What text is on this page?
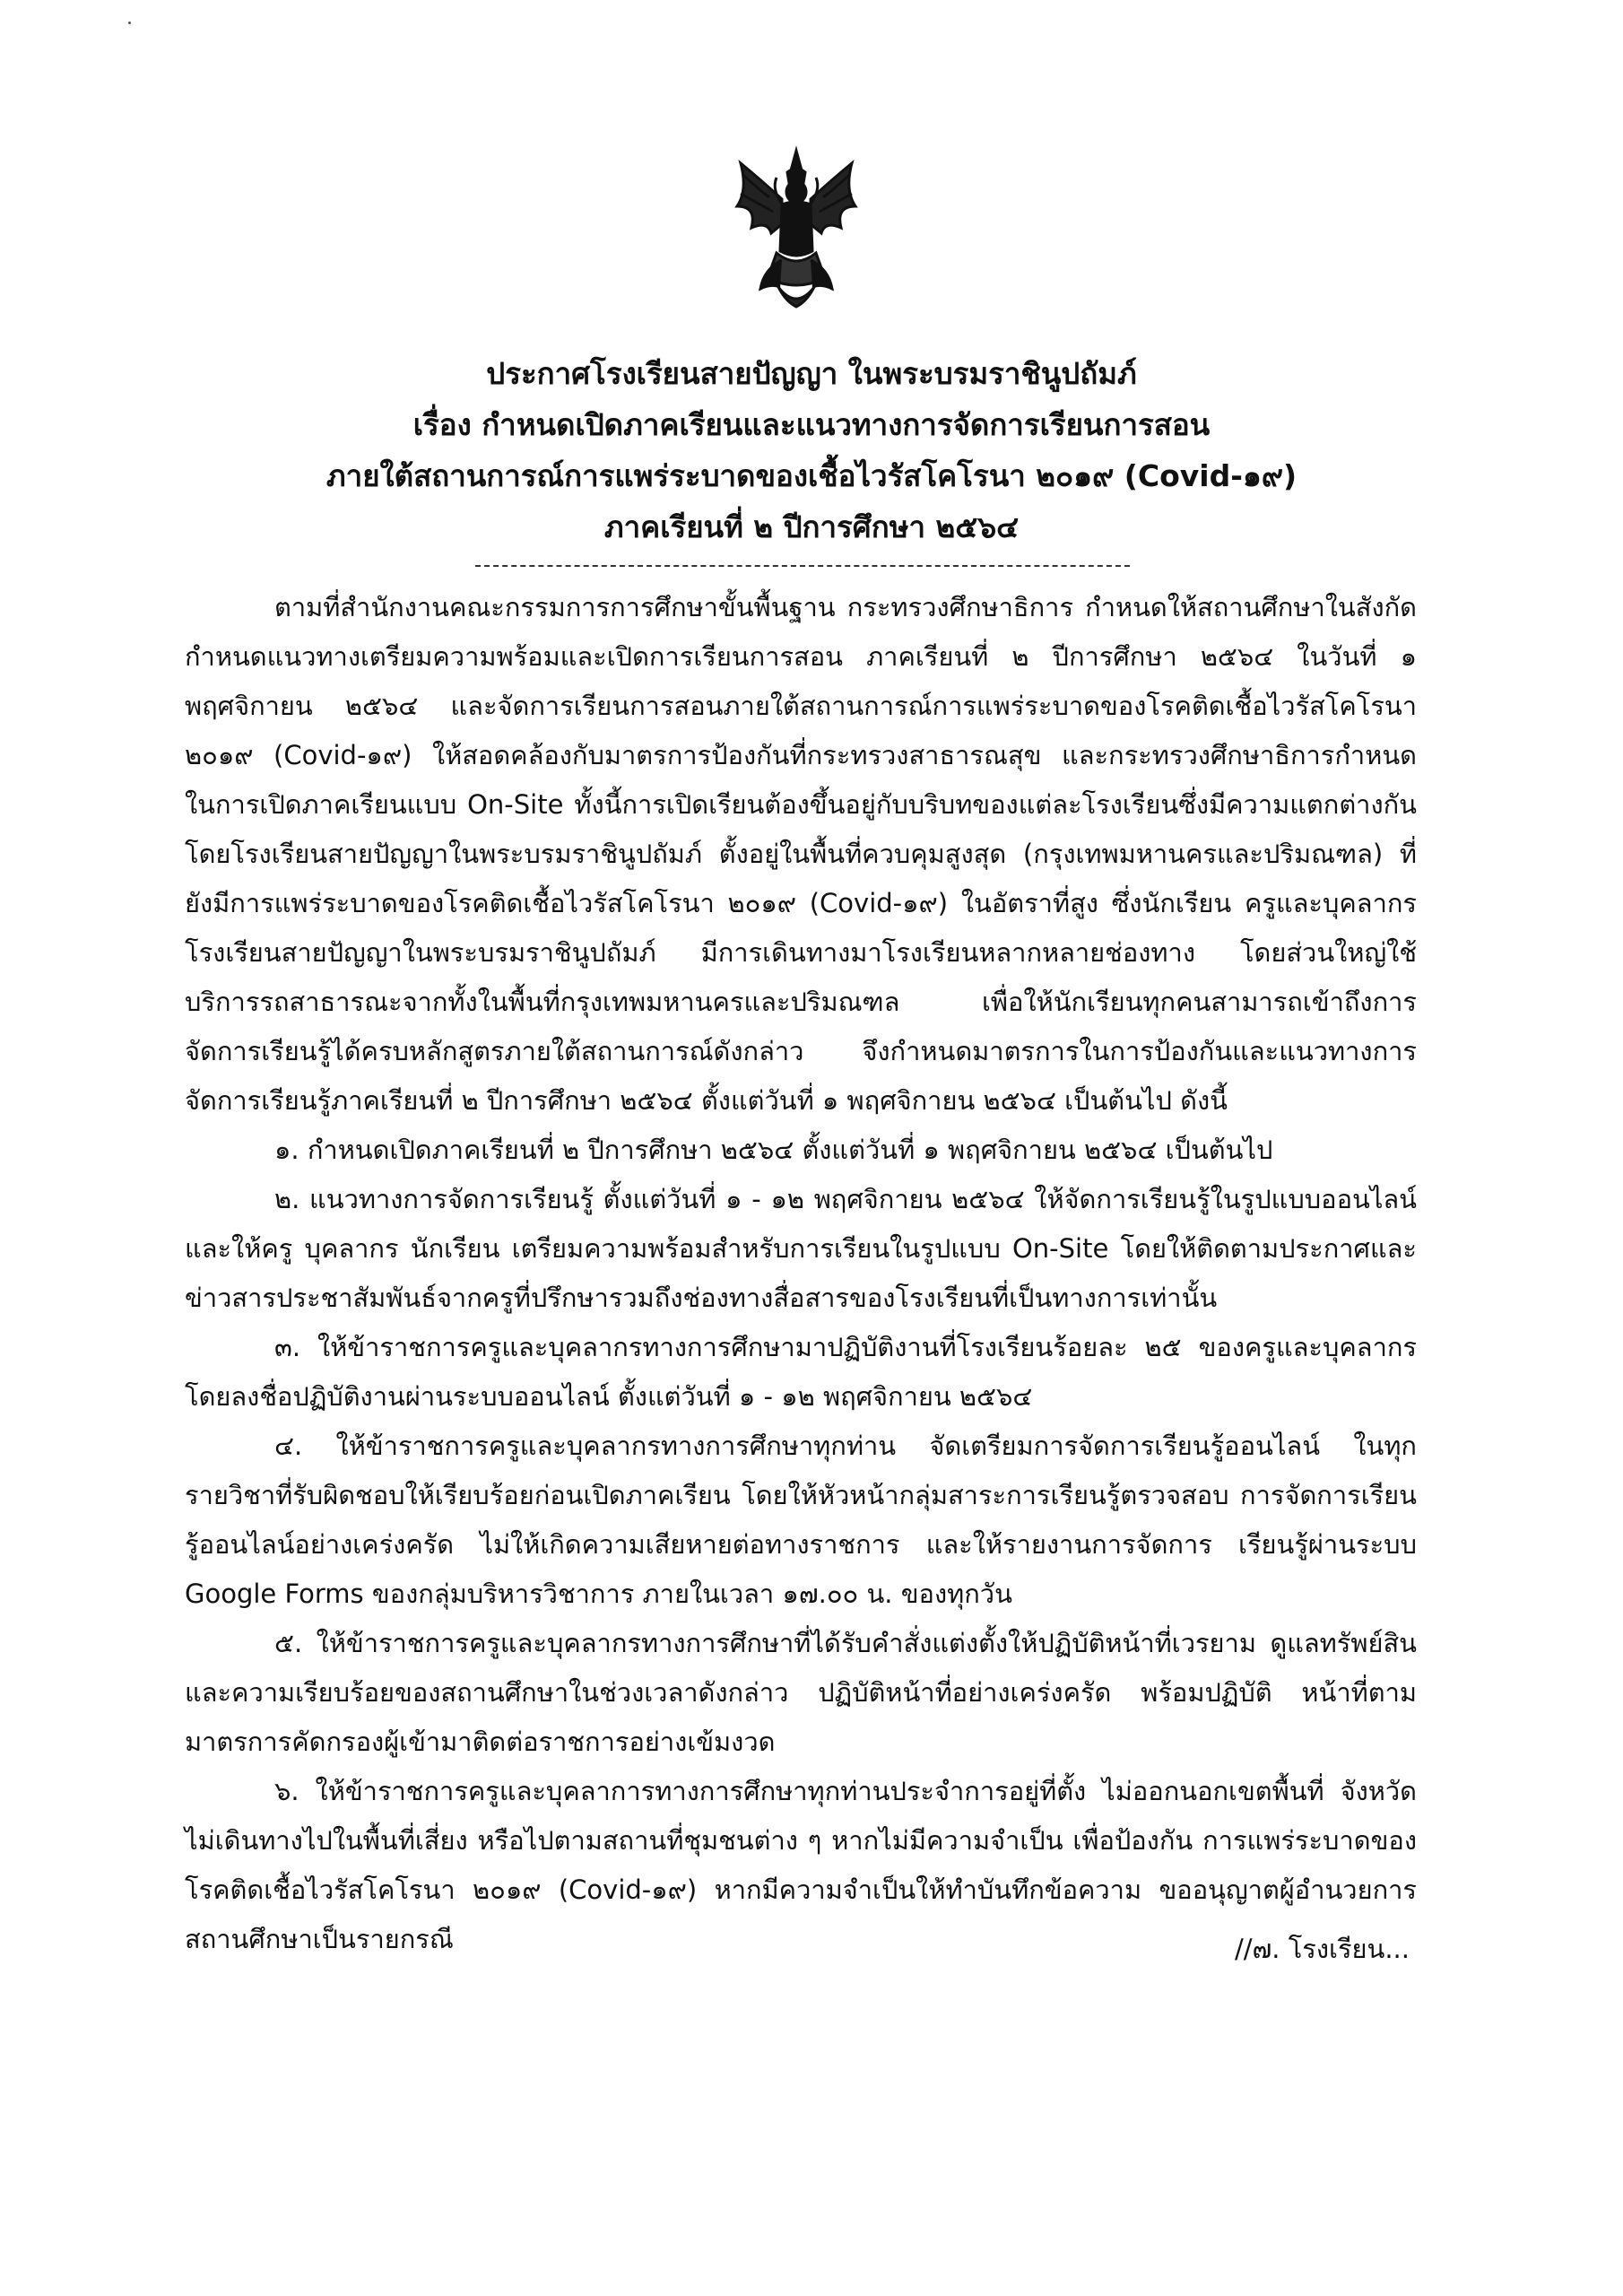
ประกาศโรงเรียนสายปัญญา ในพระบรมราชินูปถัมภ์
เรื่อง กำหนดเปิดภาคเรียนและแนวทางการจัดการเรียนการสอน
ภายใต้สถานการณ์การแพร่ระบาดของเชื้อไวรัสโคโรนา ๒๐๑๙ (Covid-๑๙)
ภาคเรียนที่ ๒ ปีการศึกษา ๒๕๖๔

ตามที่สำนักงานคณะกรรมการการศึกษาขั้นพื้นฐาน กระทรวงศึกษาธิการ กำหนดให้สถานศึกษาในสังกัด กำหนดแนวทางเตรียมความพร้อมและเปิดการเรียนการสอน ภาคเรียนที่ ๒ ปีการศึกษา ๒๕๖๔ ในวันที่ ๑ พฤศจิกายน ๒๕๖๔ และจัดการเรียนการสอนภายใต้สถานการณ์การแพร่ระบาดของโรคติดเชื้อไวรัสโคโรนา ๒๐๑๙ (Covid-๑๙) ให้สอดคล้องกับมาตรการป้องกันที่กระทรวงสาธารณสุข และกระทรวงศึกษาธิการกำหนด ในการเปิดภาคเรียนแบบ On-Site ทั้งนี้การเปิดเรียนต้องขึ้นอยู่กับบริบทของแต่ละโรงเรียนซึ่งมีความแตกต่างกัน โดยโรงเรียนสายปัญญาในพระบรมราชินูปถัมภ์ ตั้งอยู่ในพื้นที่ควบคุมสูงสุด (กรุงเทพมหานครและปริมณฑล) ที่ยังมีการแพร่ระบาดของโรคติดเชื้อไวรัสโคโรนา ๒๐๑๙ (Covid-๑๙) ในอัตราที่สูง ซึ่งนักเรียน ครูและบุคลากรโรงเรียนสายปัญญาในพระบรมราชินูปถัมภ์ มีการเดินทางมาโรงเรียนหลากหลายช่องทาง โดยส่วนใหญ่ใช้บริการรถสาธารณะจากทั้งในพื้นที่กรุงเทพมหานครและปริมณฑล เพื่อให้นักเรียนทุกคนสามารถเข้าถึงการจัดการเรียนรู้ได้ครบหลักสูตรภายใต้สถานการณ์ดังกล่าว จึงกำหนดมาตรการในการป้องกันและแนวทางการจัดการเรียนรู้ภาคเรียนที่ ๒ ปีการศึกษา ๒๕๖๔ ตั้งแต่วันที่ ๑ พฤศจิกายน ๒๕๖๔ เป็นต้นไป ดังนี้

๑. กำหนดเปิดภาคเรียนที่ ๒ ปีการศึกษา ๒๕๖๔ ตั้งแต่วันที่ ๑ พฤศจิกายน ๒๕๖๔ เป็นต้นไป

๒. แนวทางการจัดการเรียนรู้ ตั้งแต่วันที่ ๑ - ๑๒ พฤศจิกายน ๒๕๖๔ ให้จัดการเรียนรู้ในรูปแบบออนไลน์ และให้ครู บุคลากร นักเรียน เตรียมความพร้อมสำหรับการเรียนในรูปแบบ On-Site โดยให้ติดตามประกาศและข่าวสารประชาสัมพันธ์จากครูที่ปรึกษารวมถึงช่องทางสื่อสารของโรงเรียนที่เป็นทางการเท่านั้น

๓. ให้ข้าราชการครูและบุคลากรทางการศึกษามาปฏิบัติงานที่โรงเรียนร้อยละ ๒๕ ของครูและบุคลากร โดยลงชื่อปฏิบัติงานผ่านระบบออนไลน์ ตั้งแต่วันที่ ๑ - ๑๒ พฤศจิกายน ๒๕๖๔

๔. ให้ข้าราชการครูและบุคลากรทางการศึกษาทุกท่าน จัดเตรียมการจัดการเรียนรู้ออนไลน์ ในทุกรายวิชาที่รับผิดชอบให้เรียบร้อยก่อนเปิดภาคเรียน โดยให้หัวหน้ากลุ่มสาระการเรียนรู้ตรวจสอบ การจัดการเรียนรู้ออนไลน์อย่างเคร่งครัด ไม่ให้เกิดความเสียหายต่อทางราชการ และให้รายงานการจัดการ เรียนรู้ผ่านระบบ Google Forms ของกลุ่มบริหารวิชาการ ภายในเวลา ๑๗.๐๐ น. ของทุกวัน

๕. ให้ข้าราชการครูและบุคลากรทางการศึกษาที่ได้รับคำสั่งแต่งตั้งให้ปฏิบัติหน้าที่เวรยาม ดูแลทรัพย์สินและความเรียบร้อยของสถานศึกษาในช่วงเวลาดังกล่าว ปฏิบัติหน้าที่อย่างเคร่งครัด พร้อมปฏิบัติ หน้าที่ตามมาตรการคัดกรองผู้เข้ามาติดต่อราชการอย่างเข้มงวด

๖. ให้ข้าราชการครูและบุคลาการทางการศึกษาทุกท่านประจำการอยู่ที่ตั้ง ไม่ออกนอกเขตพื้นที่ จังหวัด ไม่เดินทางไปในพื้นที่เสี่ยง หรือไปตามสถานที่ชุมชนต่าง ๆ หากไม่มีความจำเป็น เพื่อป้องกัน การแพร่ระบาดของโรคติดเชื้อไวรัสโคโรนา ๒๐๑๙ (Covid-๑๙) หากมีความจำเป็นให้ทำบันทึกข้อความ ขออนุญาตผู้อำนวยการสถานศึกษาเป็นรายกรณี	//๗. โรงเรียน...
